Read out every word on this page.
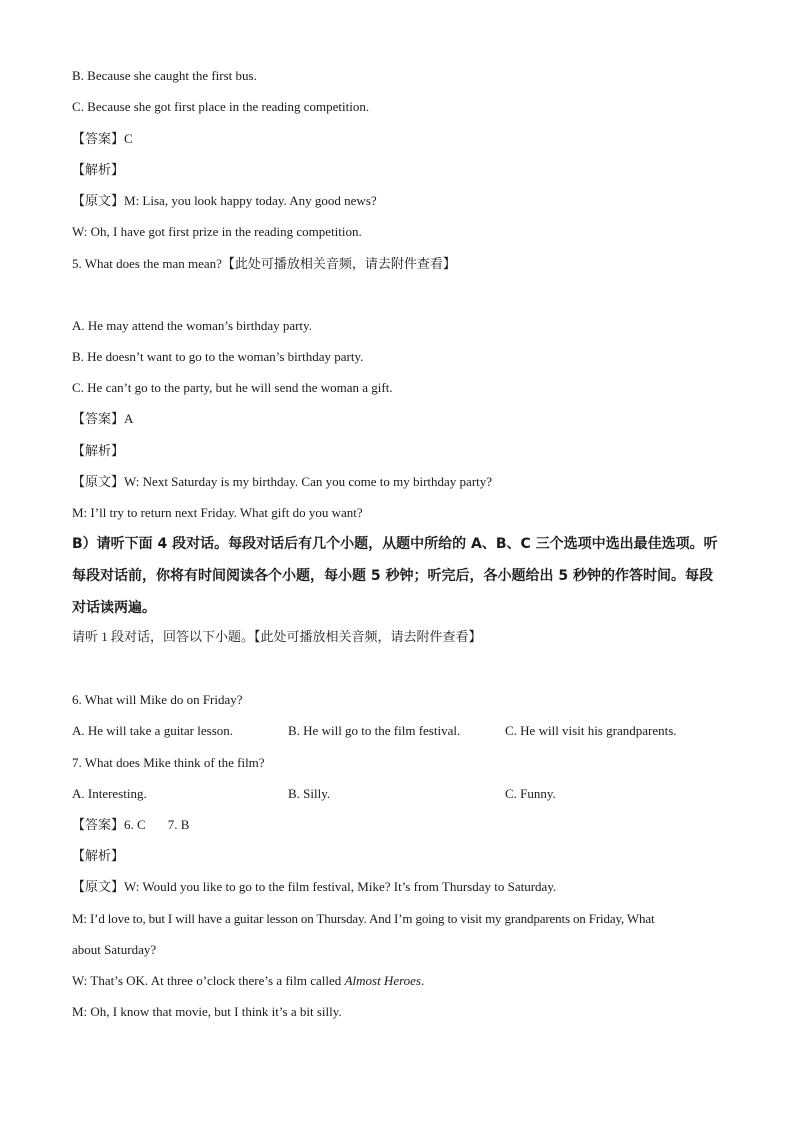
B. Because she caught the first bus.
C. Because she got first place in the reading competition.
【答案】C
【解析】
【原文】M: Lisa, you look happy today. Any good news?
W: Oh, I have got first prize in the reading competition.
5. What does the man mean?【此处可播放相关音频，请去附件查看】
A. He may attend the woman’s birthday party.
B. He doesn’t want to go to the woman’s birthday party.
C. He can’t go to the party, but he will send the woman a gift.
【答案】A
【解析】
【原文】W: Next Saturday is my birthday. Can you come to my birthday party?
M: I’ll try to return next Friday. What gift do you want?
B）请听下面 4 段对话。每段对话后有几个小题，从题中所给的 A、B、C 三个选项中选出最佳选项。听每段对话前，你将有时间阅读各个小题，每小题 5 秒钟；听完后，各小题给出 5 秒钟的作答时间。每段对话读两遍。
请听 1 段对话，回答以下小题。【此处可播放相关音频，请去附件查看】
6. What will Mike do on Friday?
A. He will take a guitar lesson.	B. He will go to the film festival.	C. He will visit his grandparents.
7. What does Mike think of the film?
A. Interesting.	B. Silly.	C. Funny.
【答案】6. C 7. B
【解析】
【原文】W: Would you like to go to the film festival, Mike? It’s from Thursday to Saturday.
M: I’d love to, but I will have a guitar lesson on Thursday. And I’m going to visit my grandparents on Friday, What
about Saturday?
W: That’s OK. At three o’clock there’s a film called Almost Heroes.
M: Oh, I know that movie, but I think it’s a bit silly.
